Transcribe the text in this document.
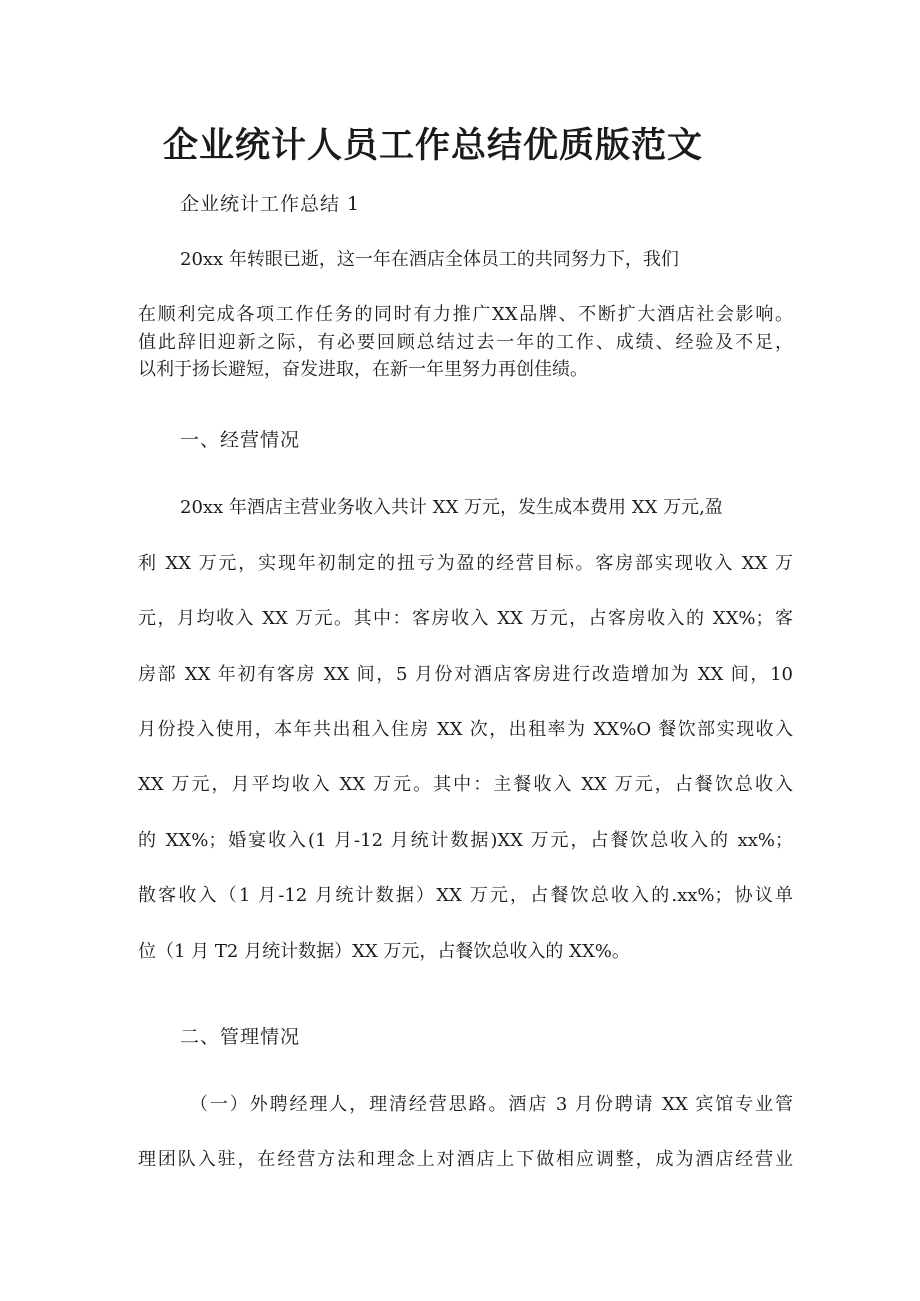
企业统计人员工作总结优质版范文

企业统计工作总结 1

20xx 年转眼已逝，这一年在酒店全体员工的共同努力下，我们

在顺利完成各项工作任务的同时有力推广XX品牌、不断扩大酒店社会影响。

值此辞旧迎新之际，有必要回顾总结过去一年的工作、成绩、经验及不足，

以利于扬长避短，奋发进取，在新一年里努力再创佳绩。

一、经营情况

20xx 年酒店主营业务收入共计 XX 万元，发生成本费用 XX 万元,盈

利 XX 万元，实现年初制定的扭亏为盈的经营目标。客房部实现收入 XX 万

元，月均收入 XX 万元。其中：客房收入 XX 万元，占客房收入的 XX%；客

房部 XX 年初有客房 XX 间，5 月份对酒店客房进行改造增加为 XX 间，10

月份投入使用，本年共出租入住房 XX 次，出租率为 XX%O 餐饮部实现收入

XX 万元，月平均收入 XX 万元。其中：主餐收入 XX 万元，占餐饮总收入

的 XX%；婚宴收入(1 月-12 月统计数据)XX 万元，占餐饮总收入的 xx%；

散客收入（1 月-12 月统计数据）XX 万元，占餐饮总收入的.xx%；协议单

位（1 月 T2 月统计数据）XX 万元，占餐饮总收入的 XX%。

二、管理情况

（一）外聘经理人，理清经营思路。酒店 3 月份聘请 XX 宾馆专业管

理团队入驻，在经营方法和理念上对酒店上下做相应调整，成为酒店经营业
